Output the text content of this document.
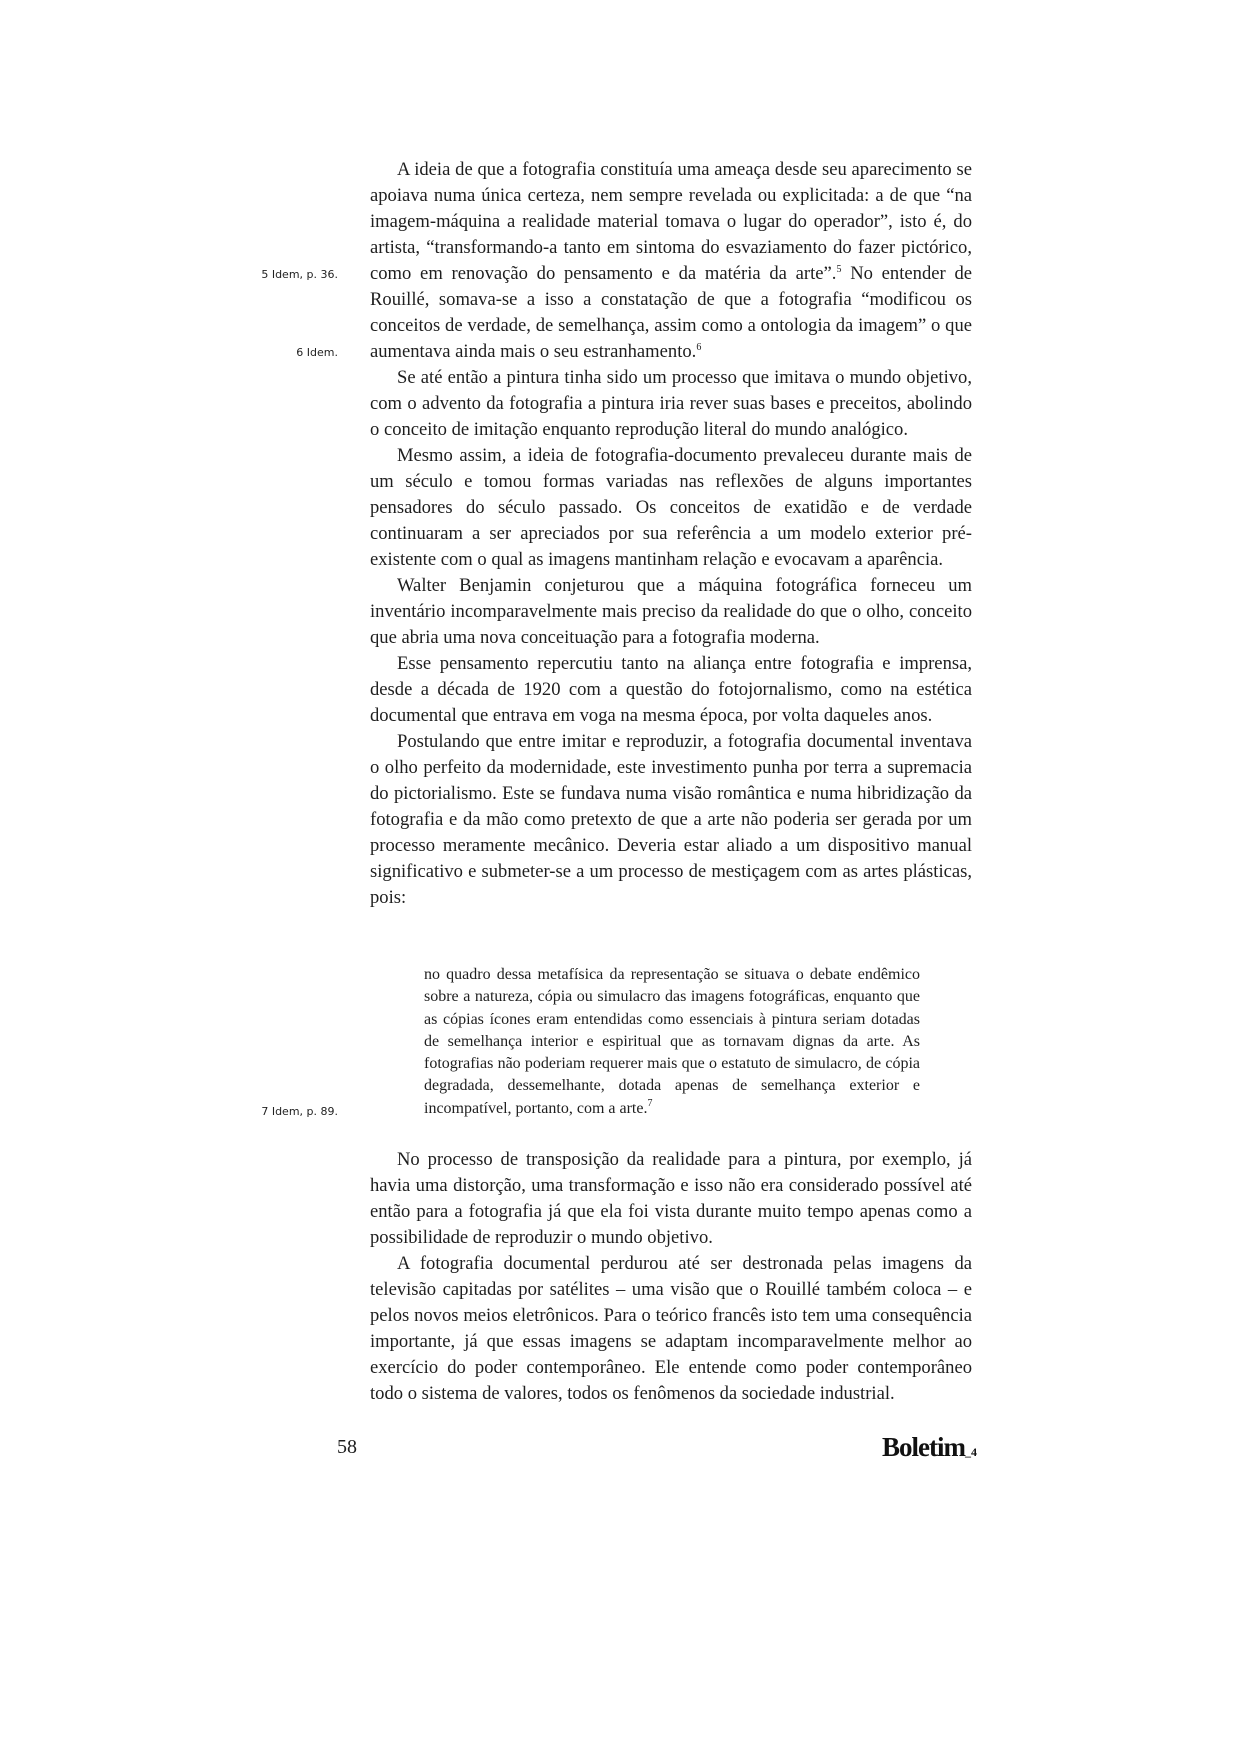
A ideia de que a fotografia constituía uma ameaça desde seu aparecimento se apoiava numa única certeza, nem sempre revelada ou explicitada: a de que “na imagem-máquina a realidade material tomava o lugar do operador”, isto é, do artista, “transformando-a tanto em sintoma do esvaziamento do fazer pictórico, como em renovação do pensamento e da matéria da arte”.$^5$ No entender de Rouillé, somava-se a isso a constatação de que a fotografia “modificou os conceitos de verdade, de semelhança, assim como a ontologia da imagem” o que aumentava ainda mais o seu estranhamento.$^6$

Se até então a pintura tinha sido um processo que imitava o mundo objetivo, com o advento da fotografia a pintura iria rever suas bases e preceitos, abolindo o conceito de imitação enquanto reprodução literal do mundo analógico.

Mesmo assim, a ideia de fotografia-documento prevaleceu durante mais de um século e tomou formas variadas nas reflexões de alguns importantes pensadores do século passado. Os conceitos de exatidão e de verdade continuaram a ser apreciados por sua referência a um modelo exterior pré-existente com o qual as imagens mantinham relação e evocavam a aparência.

Walter Benjamin conjeturou que a máquina fotográfica forneceu um inventário incomparavelmente mais preciso da realidade do que o olho, conceito que abria uma nova conceituação para a fotografia moderna.

Esse pensamento repercutiu tanto na aliança entre fotografia e imprensa, desde a década de 1920 com a questão do fotojornalismo, como na estética documental que entrava em voga na mesma época, por volta daqueles anos.

Postulando que entre imitar e reproduzir, a fotografia documental inventava o olho perfeito da modernidade, este investimento punha por terra a supremacia do pictorialismo. Este se fundava numa visão romântica e numa hibridização da fotografia e da mão como pretexto de que a arte não poderia ser gerada por um processo meramente mecânico. Deveria estar aliado a um dispositivo manual significativo e submeter-se a um processo de mestiçagem com as artes plásticas, pois:

no quadro dessa metafísica da representação se situava o debate endêmico sobre a natureza, cópia ou simulacro das imagens fotográficas, enquanto que as cópias ícones eram entendidas como essenciais à pintura seriam dotadas de semelhança interior e espiritual que as tornavam dignas da arte. As fotografias não poderiam requerer mais que o estatuto de simulacro, de cópia degradada, dessemelhante, dotada apenas de semelhança exterior e incompatível, portanto, com a arte.$^7$

No processo de transposição da realidade para a pintura, por exemplo, já havia uma distorção, uma transformação e isso não era considerado possível até então para a fotografia já que ela foi vista durante muito tempo apenas como a possibilidade de reproduzir o mundo objetivo.

A fotografia documental perdurou até ser destronada pelas imagens da televisão capitadas por satélites – uma visão que o Rouillé também coloca – e pelos novos meios eletrônicos. Para o teórico francês isto tem uma consequência importante, já que essas imagens se adaptam incomparavelmente melhor ao exercício do poder contemporâneo. Ele entende como poder contemporâneo todo o sistema de valores, todos os fenômenos da sociedade industrial.

5 Idem, p. 36.
6 Idem.
7 Idem, p. 89.
58	Boletim_4
